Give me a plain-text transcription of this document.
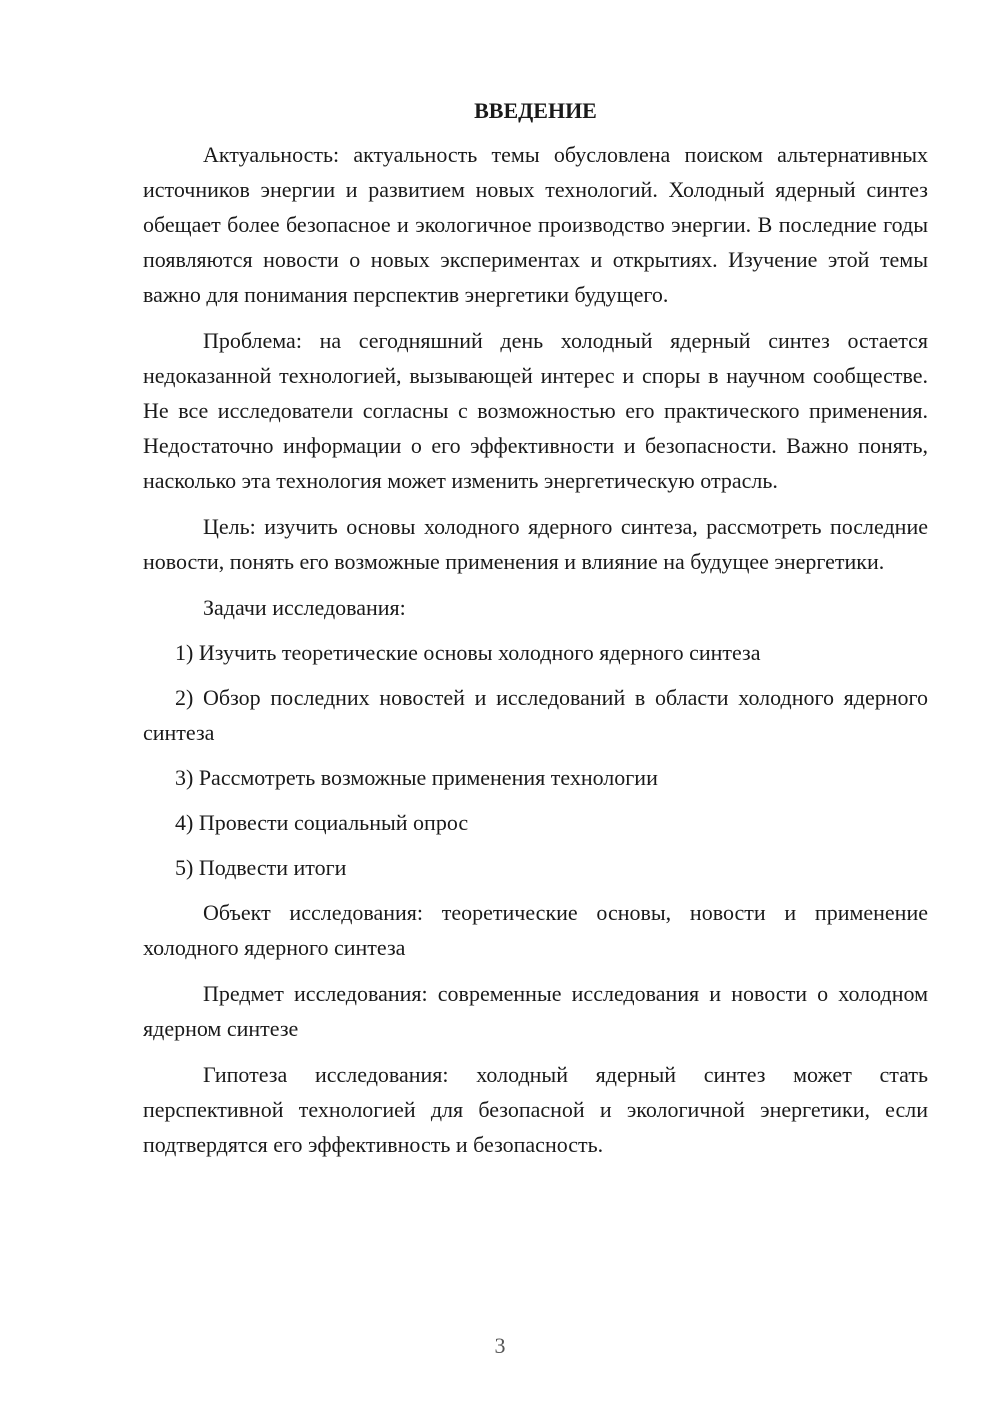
ВВЕДЕНИЕ

Актуальность: актуальность темы обусловлена поиском альтернативных источников энергии и развитием новых технологий. Холодный ядерный синтез обещает более безопасное и экологичное производство энергии. В последние годы появляются новости о новых экспериментах и открытиях. Изучение этой темы важно для понимания перспектив энергетики будущего.

Проблема: на сегодняшний день холодный ядерный синтез остается недоказанной технологией, вызывающей интерес и споры в научном сообществе. Не все исследователи согласны с возможностью его практического применения. Недостаточно информации о его эффективности и безопасности. Важно понять, насколько эта технология может изменить энергетическую отрасль.

Цель: изучить основы холодного ядерного синтеза, рассмотреть последние новости, понять его возможные применения и влияние на будущее энергетики.

Задачи исследования:

1) Изучить теоретические основы холодного ядерного синтеза

2) Обзор последних новостей и исследований в области холодного ядерного синтеза

3) Рассмотреть возможные применения технологии

4) Провести социальный опрос

5) Подвести итоги

Объект исследования: теоретические основы, новости и применение холодного ядерного синтеза

Предмет исследования: современные исследования и новости о холодном ядерном синтезе

Гипотеза исследования: холодный ядерный синтез может стать перспективной технологией для безопасной и экологичной энергетики, если подтвердятся его эффективность и безопасность.

3
